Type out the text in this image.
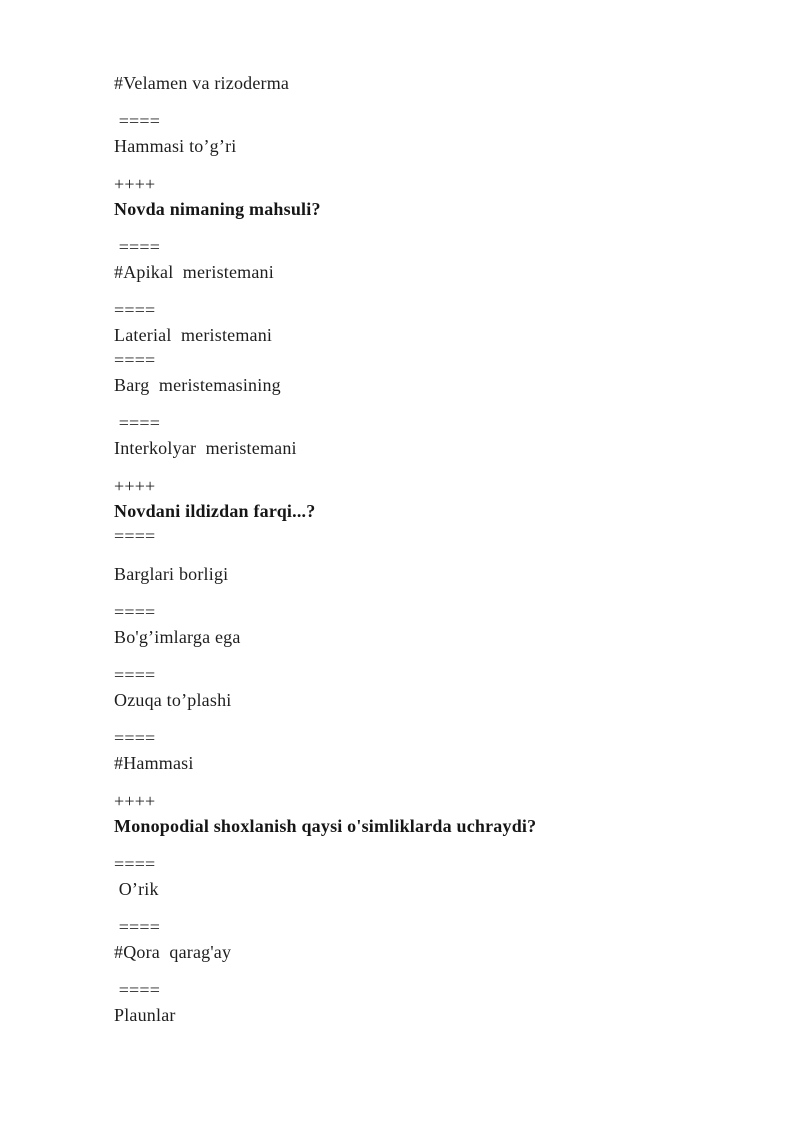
#Velamen va rizoderma

====

Hammasi to’g’ri

++++

Novda nimaning mahsuli?

====

#Apikal  meristemani

====

Laterial  meristemani

====

Barg  meristemasining

====

Interkolyar  meristemani

++++

Novdani ildizdan farqi...?

====

Barglari borligi

====

Bo'g’imlarga ega

====

Ozuqa to’plashi

====

#Hammasi

++++

Monopodial shoxlanish qaysi o'simliklarda uchraydi?

====

O’rik

====

#Qora  qarag'ay

====

Plaunlar
